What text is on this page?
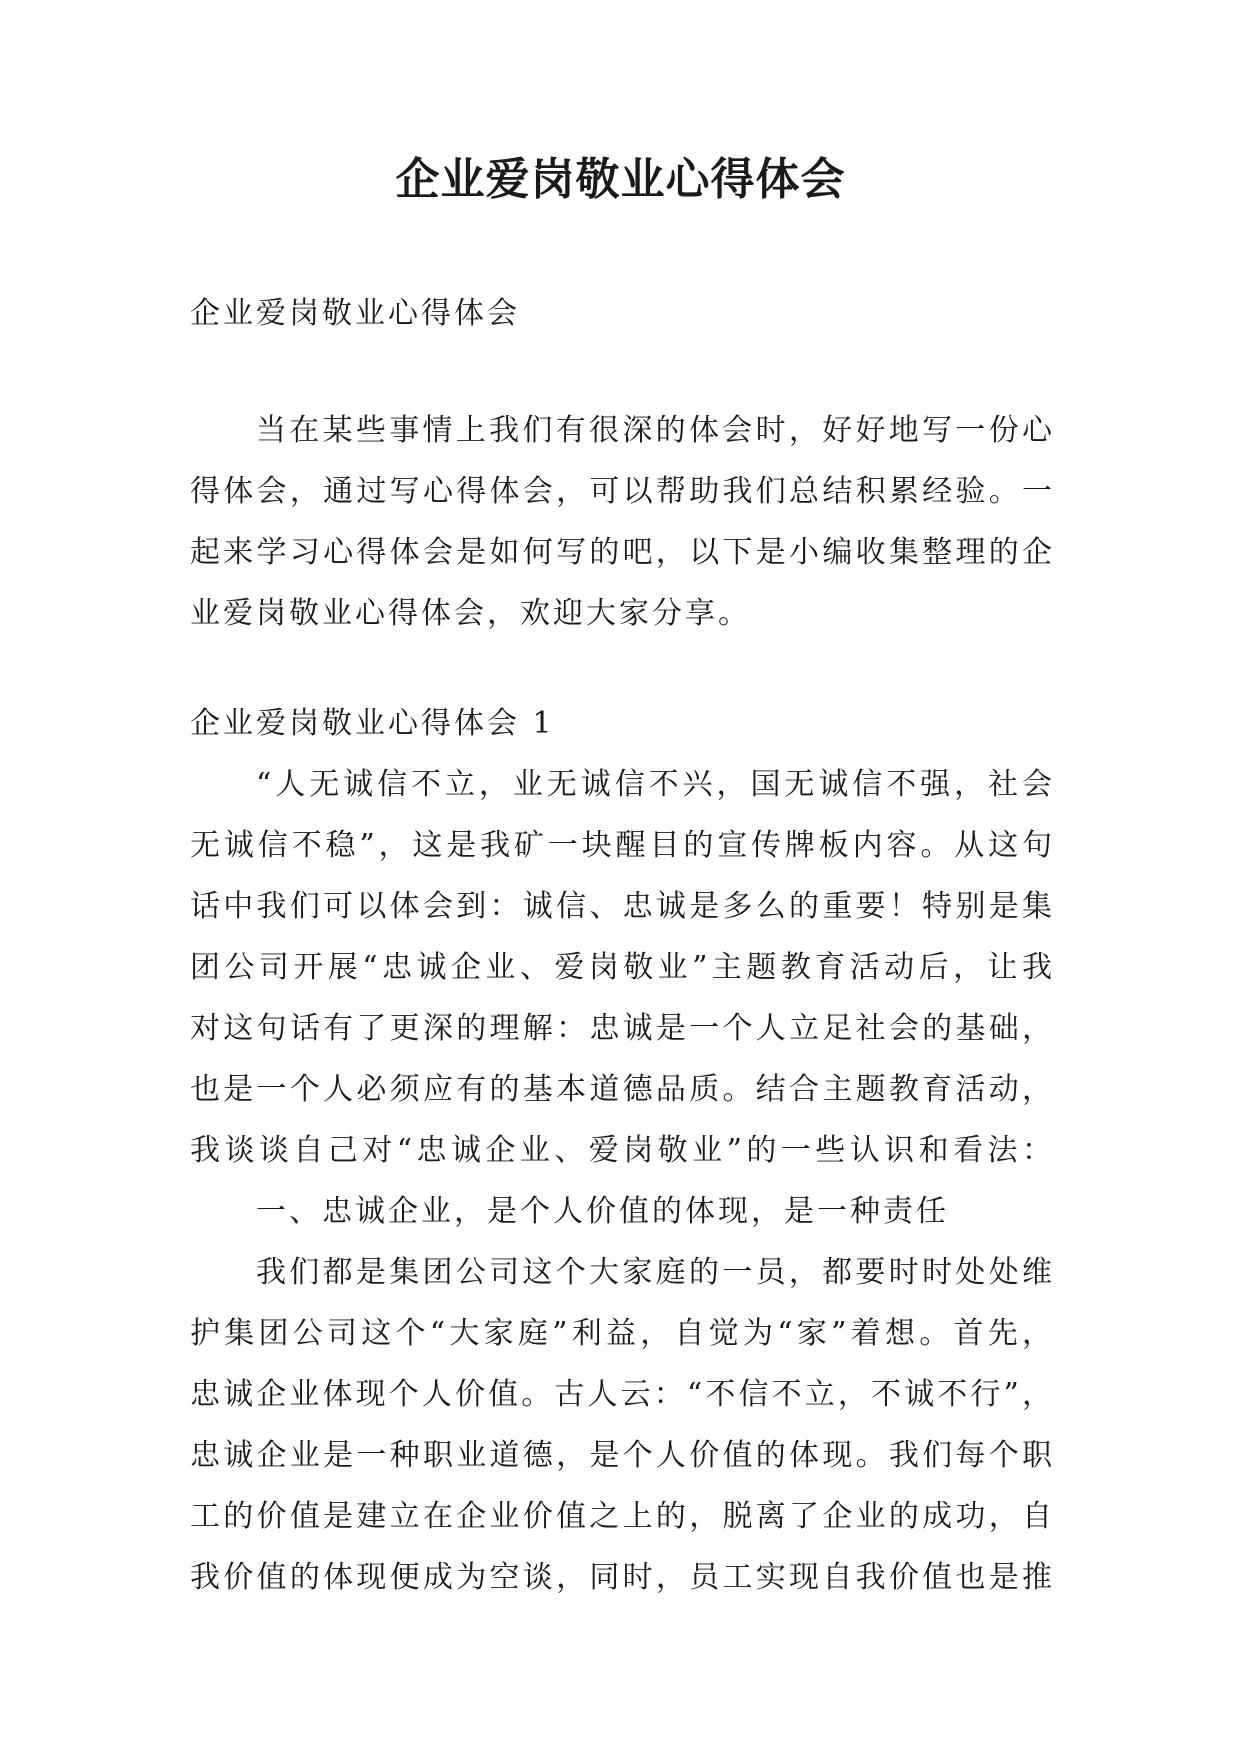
企业爱岗敬业心得体会
企业爱岗敬业心得体会
当在某些事情上我们有很深的体会时，好好地写一份心
得体会，通过写心得体会，可以帮助我们总结积累经验。一
起来学习心得体会是如何写的吧，以下是小编收集整理的企
业爱岗敬业心得体会，欢迎大家分享。
企业爱岗敬业心得体会 1
“人无诚信不立，业无诚信不兴，国无诚信不强，社会
无诚信不稳”，这是我矿一块醒目的宣传牌板内容。从这句
话中我们可以体会到：诚信、忠诚是多么的重要！特别是集
团公司开展“忠诚企业、爱岗敬业”主题教育活动后，让我
对这句话有了更深的理解：忠诚是一个人立足社会的基础，
也是一个人必须应有的基本道德品质。结合主题教育活动，
我谈谈自己对“忠诚企业、爱岗敬业”的一些认识和看法：
一、忠诚企业，是个人价值的体现，是一种责任
我们都是集团公司这个大家庭的一员，都要时时处处维
护集团公司这个“大家庭”利益，自觉为“家”着想。首先，
忠诚企业体现个人价值。古人云：“不信不立，不诚不行”，
忠诚企业是一种职业道德，是个人价值的体现。我们每个职
工的价值是建立在企业价值之上的，脱离了企业的成功，自
我价值的体现便成为空谈，同时，员工实现自我价值也是推
